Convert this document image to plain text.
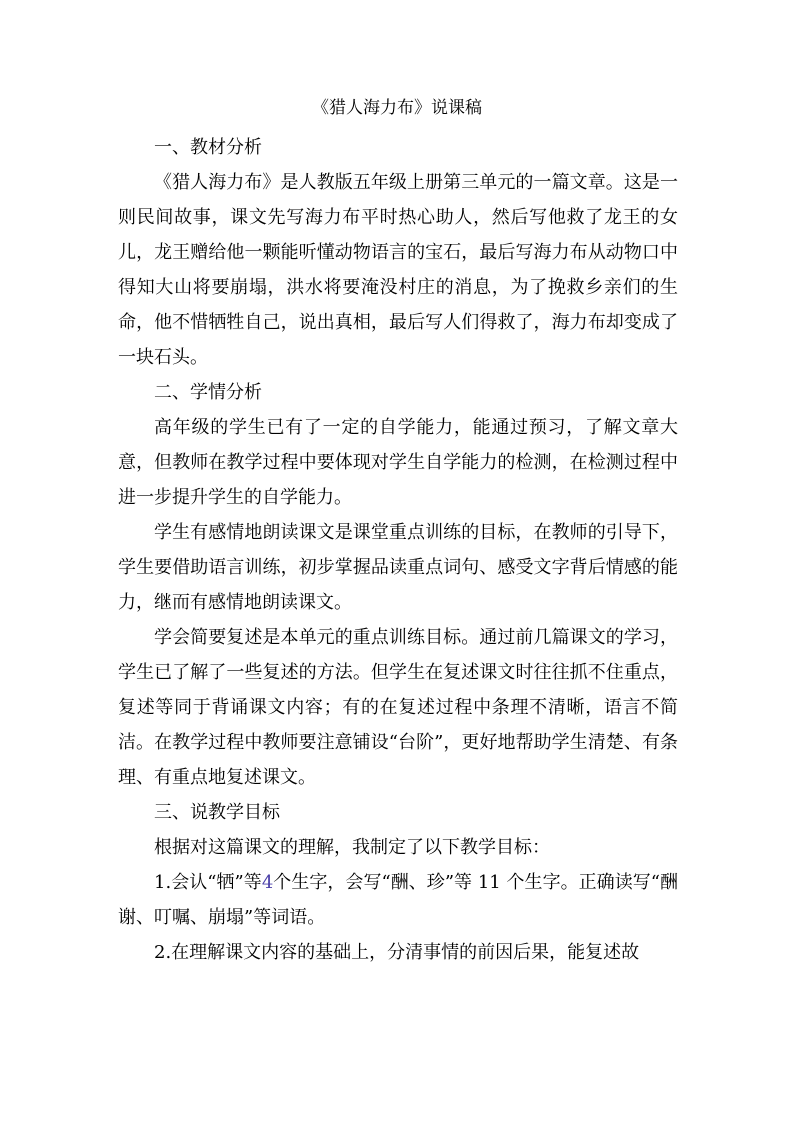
《猎人海力布》说课稿

一、教材分析

《猎人海力布》是人教版五年级上册第三单元的一篇文章。这是一则民间故事，课文先写海力布平时热心助人，然后写他救了龙王的女儿，龙王赠给他一颗能听懂动物语言的宝石，最后写海力布从动物口中得知大山将要崩塌，洪水将要淹没村庄的消息，为了挽救乡亲们的生命，他不惜牺牲自己，说出真相，最后写人们得救了，海力布却变成了一块石头。

二、学情分析

高年级的学生已有了一定的自学能力，能通过预习，了解文章大意，但教师在教学过程中要体现对学生自学能力的检测，在检测过程中进一步提升学生的自学能力。

学生有感情地朗读课文是课堂重点训练的目标，在教师的引导下，学生要借助语言训练，初步掌握品读重点词句、感受文字背后情感的能力，继而有感情地朗读课文。

学会简要复述是本单元的重点训练目标。通过前几篇课文的学习，学生已了解了一些复述的方法。但学生在复述课文时往往抓不住重点，复述等同于背诵课文内容；有的在复述过程中条理不清晰，语言不简洁。在教学过程中教师要注意铺设“台阶”，更好地帮助学生清楚、有条理、有重点地复述课文。

三、说教学目标

根据对这篇课文的理解，我制定了以下教学目标：

1.会认“牺”等4个生字，会写“酬、珍”等 11 个生字。正确读写“酬谢、叮嘱、崩塌”等词语。

2.在理解课文内容的基础上，分清事情的前因后果，能复述故
